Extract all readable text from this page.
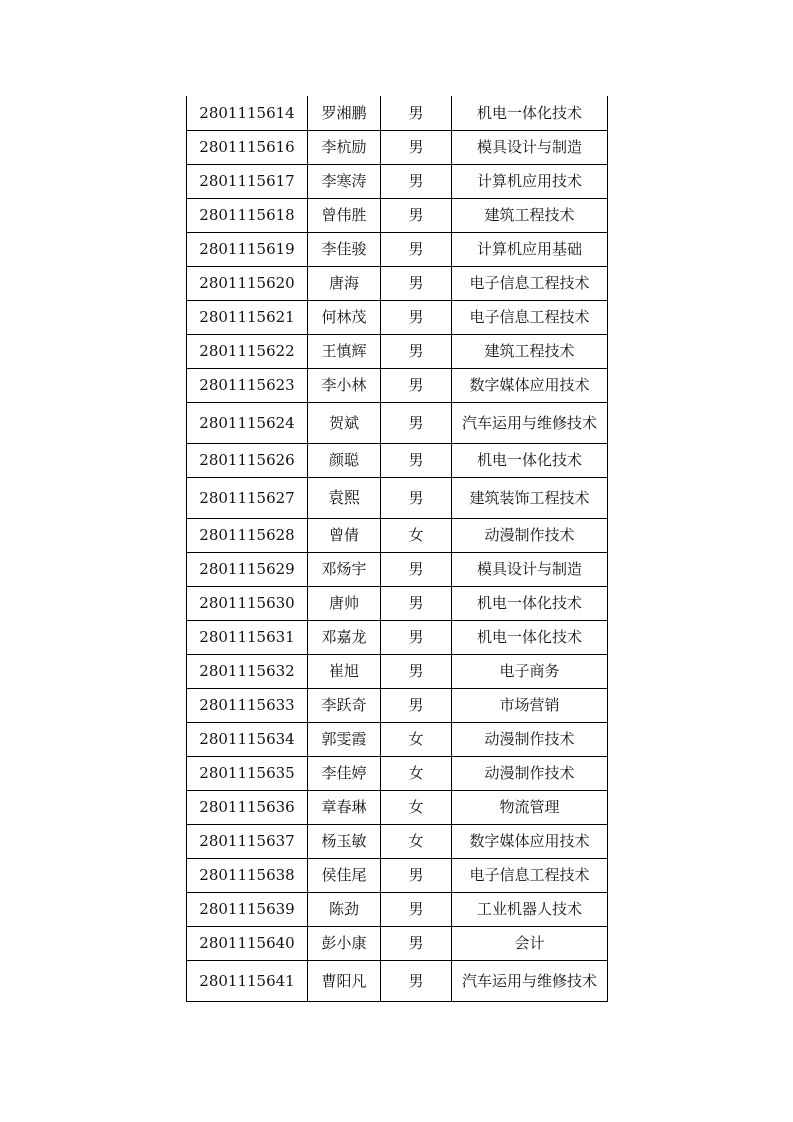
2801115614	罗湘鹏	男	机电一体化技术
2801115616	李杭励	男	模具设计与制造
2801115617	李寒涛	男	计算机应用技术
2801115618	曾伟胜	男	建筑工程技术
2801115619	李佳骏	男	计算机应用基础
2801115620	唐海	男	电子信息工程技术
2801115621	何林茂	男	电子信息工程技术
2801115622	王慎辉	男	建筑工程技术
2801115623	李小林	男	数字媒体应用技术
2801115624	贺斌	男	汽车运用与维修技术
2801115626	颜聪	男	机电一体化技术
2801115627	袁熙	男	建筑装饰工程技术
2801115628	曾倩	女	动漫制作技术
2801115629	邓炀宇	男	模具设计与制造
2801115630	唐帅	男	机电一体化技术
2801115631	邓嘉龙	男	机电一体化技术
2801115632	崔旭	男	电子商务
2801115633	李跃奇	男	市场营销
2801115634	郭雯霞	女	动漫制作技术
2801115635	李佳婷	女	动漫制作技术
2801115636	章春琳	女	物流管理
2801115637	杨玉敏	女	数字媒体应用技术
2801115638	侯佳尾	男	电子信息工程技术
2801115639	陈劲	男	工业机器人技术
2801115640	彭小康	男	会计
2801115641	曹阳凡	男	汽车运用与维修技术
